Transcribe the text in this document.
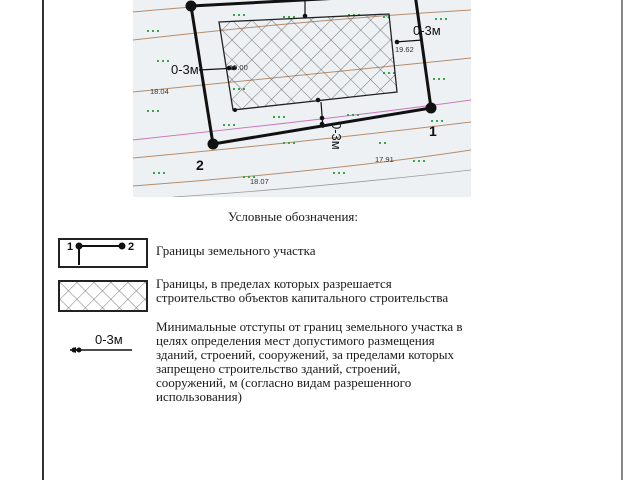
1
2
0-3м
0-3м
0-3м
19.00
19.62
18.04
17.91
18.07
Условные обозначения:
1	2 Границы земельного участка
Границы, в пределах которых разрешается
строительство объектов капитального строительства
0-3м
Минимальные отступы от границ земельного участка в
целях определения мест допустимого размещения
зданий, строений, сооружений, за пределами которых
запрещено строительство зданий, строений,
сооружений, м (согласно видам разрешенного
использования)
